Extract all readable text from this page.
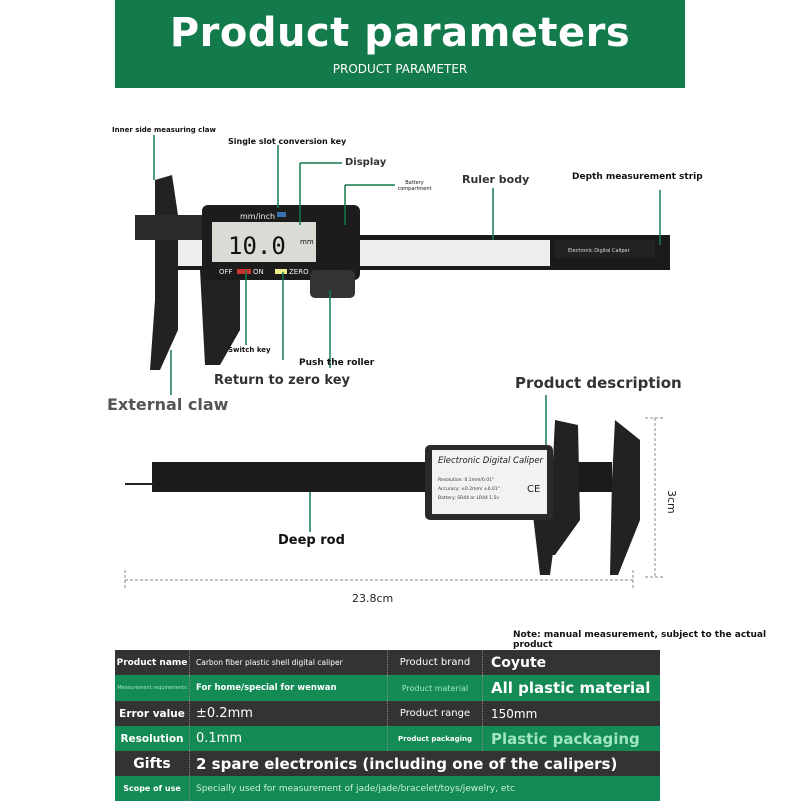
Product parameters

PRODUCT PARAMETER

Electronic Digital Caliper
10.0 mm
mm/inch
OFF	ON	ZERO
Electronic Digital Caliper
Resolution: 0.1mm/0.01"
Accuracy: ±0.2mm/ ±0.01"
Battery: SR44 or LR44 1.5v
CE
23.8cm
3cm
Inner side measuring claw
Single slot conversion key
Display
Battery compartment
Ruler body	Depth measurement strip
Switch key
Push the roller
Return to zero key
External claw
Product description
Deep rod
Note: manual measurement, subject to the actual product
Product name	Carbon fiber plastic shell digital caliper	Product brand	Coyute
Measurement requirements	For home/special for wenwan	Product material	All plastic material
Error value ±0.2mm	Product range	150mm
Resolution 0.1mm	Product packaging	Plastic packaging
Gifts	2 spare electronics (including one of the calipers)
Scope of use	Specially used for measurement of jade/jade/bracelet/toys/jewelry, etc
